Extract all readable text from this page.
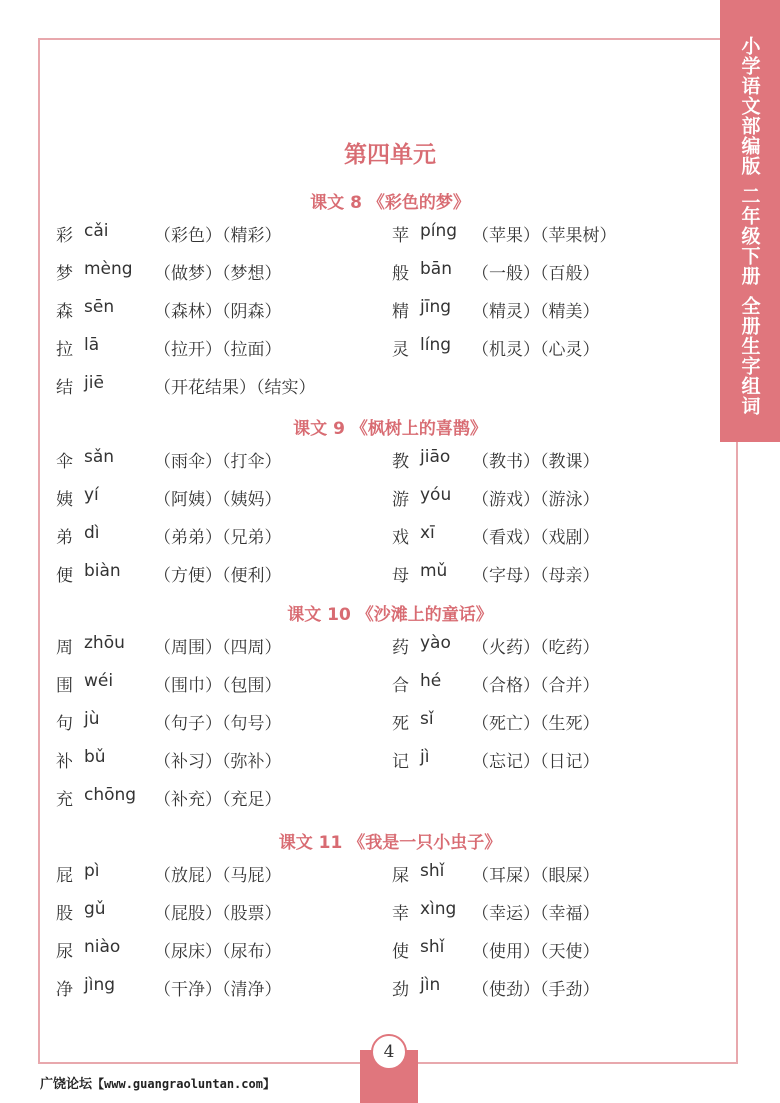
小学语文部编版
二年级下册
全册生字组词
第四单元
课文 8 《彩色的梦》
彩 cǎi	（彩色）（精彩）	苹 píng （苹果）（苹果树）
梦 mèng （做梦）（梦想）	般 bān （一般）（百般）
森 sēn （森林）（阴森）	精 jīng （精灵）（精美）
拉 lā	（拉开）（拉面）	灵 líng （机灵）（心灵）
结 jiē	（开花结果）（结实）
课文 9 《枫树上的喜鹊》
伞 sǎn （雨伞）（打伞）	教 jiāo （教书）（教课）
姨 yí	（阿姨）（姨妈）	游 yóu （游戏）（游泳）
弟 dì	（弟弟）（兄弟）	戏 xī （看戏）（戏剧）
便 biàn （方便）（便利）	母 mǔ （字母）（母亲）
课文 10 《沙滩上的童话》
周 zhōu （周围）（四周）	药 yào （火药）（吃药）
围 wéi （围巾）（包围）	合 hé （合格）（合并）
句 jù	（句子）（句号）	死 sǐ （死亡）（生死）
补 bǔ	（补习）（弥补）	记 jì	（忘记）（日记）
充 chōng （补充）（充足）
课文 11 《我是一只小虫子》
屁 pì	（放屁）（马屁）	屎 shǐ （耳屎）（眼屎）
股 gǔ	（屁股）（股票）	幸 xìng （幸运）（幸福）
尿 niào （尿床）（尿布）	使 shǐ （使用）（天使）
净 jìng （干净）（清净）	劲 jìn （使劲）（手劲）
4
广饶论坛【www.guangraoluntan.com】
